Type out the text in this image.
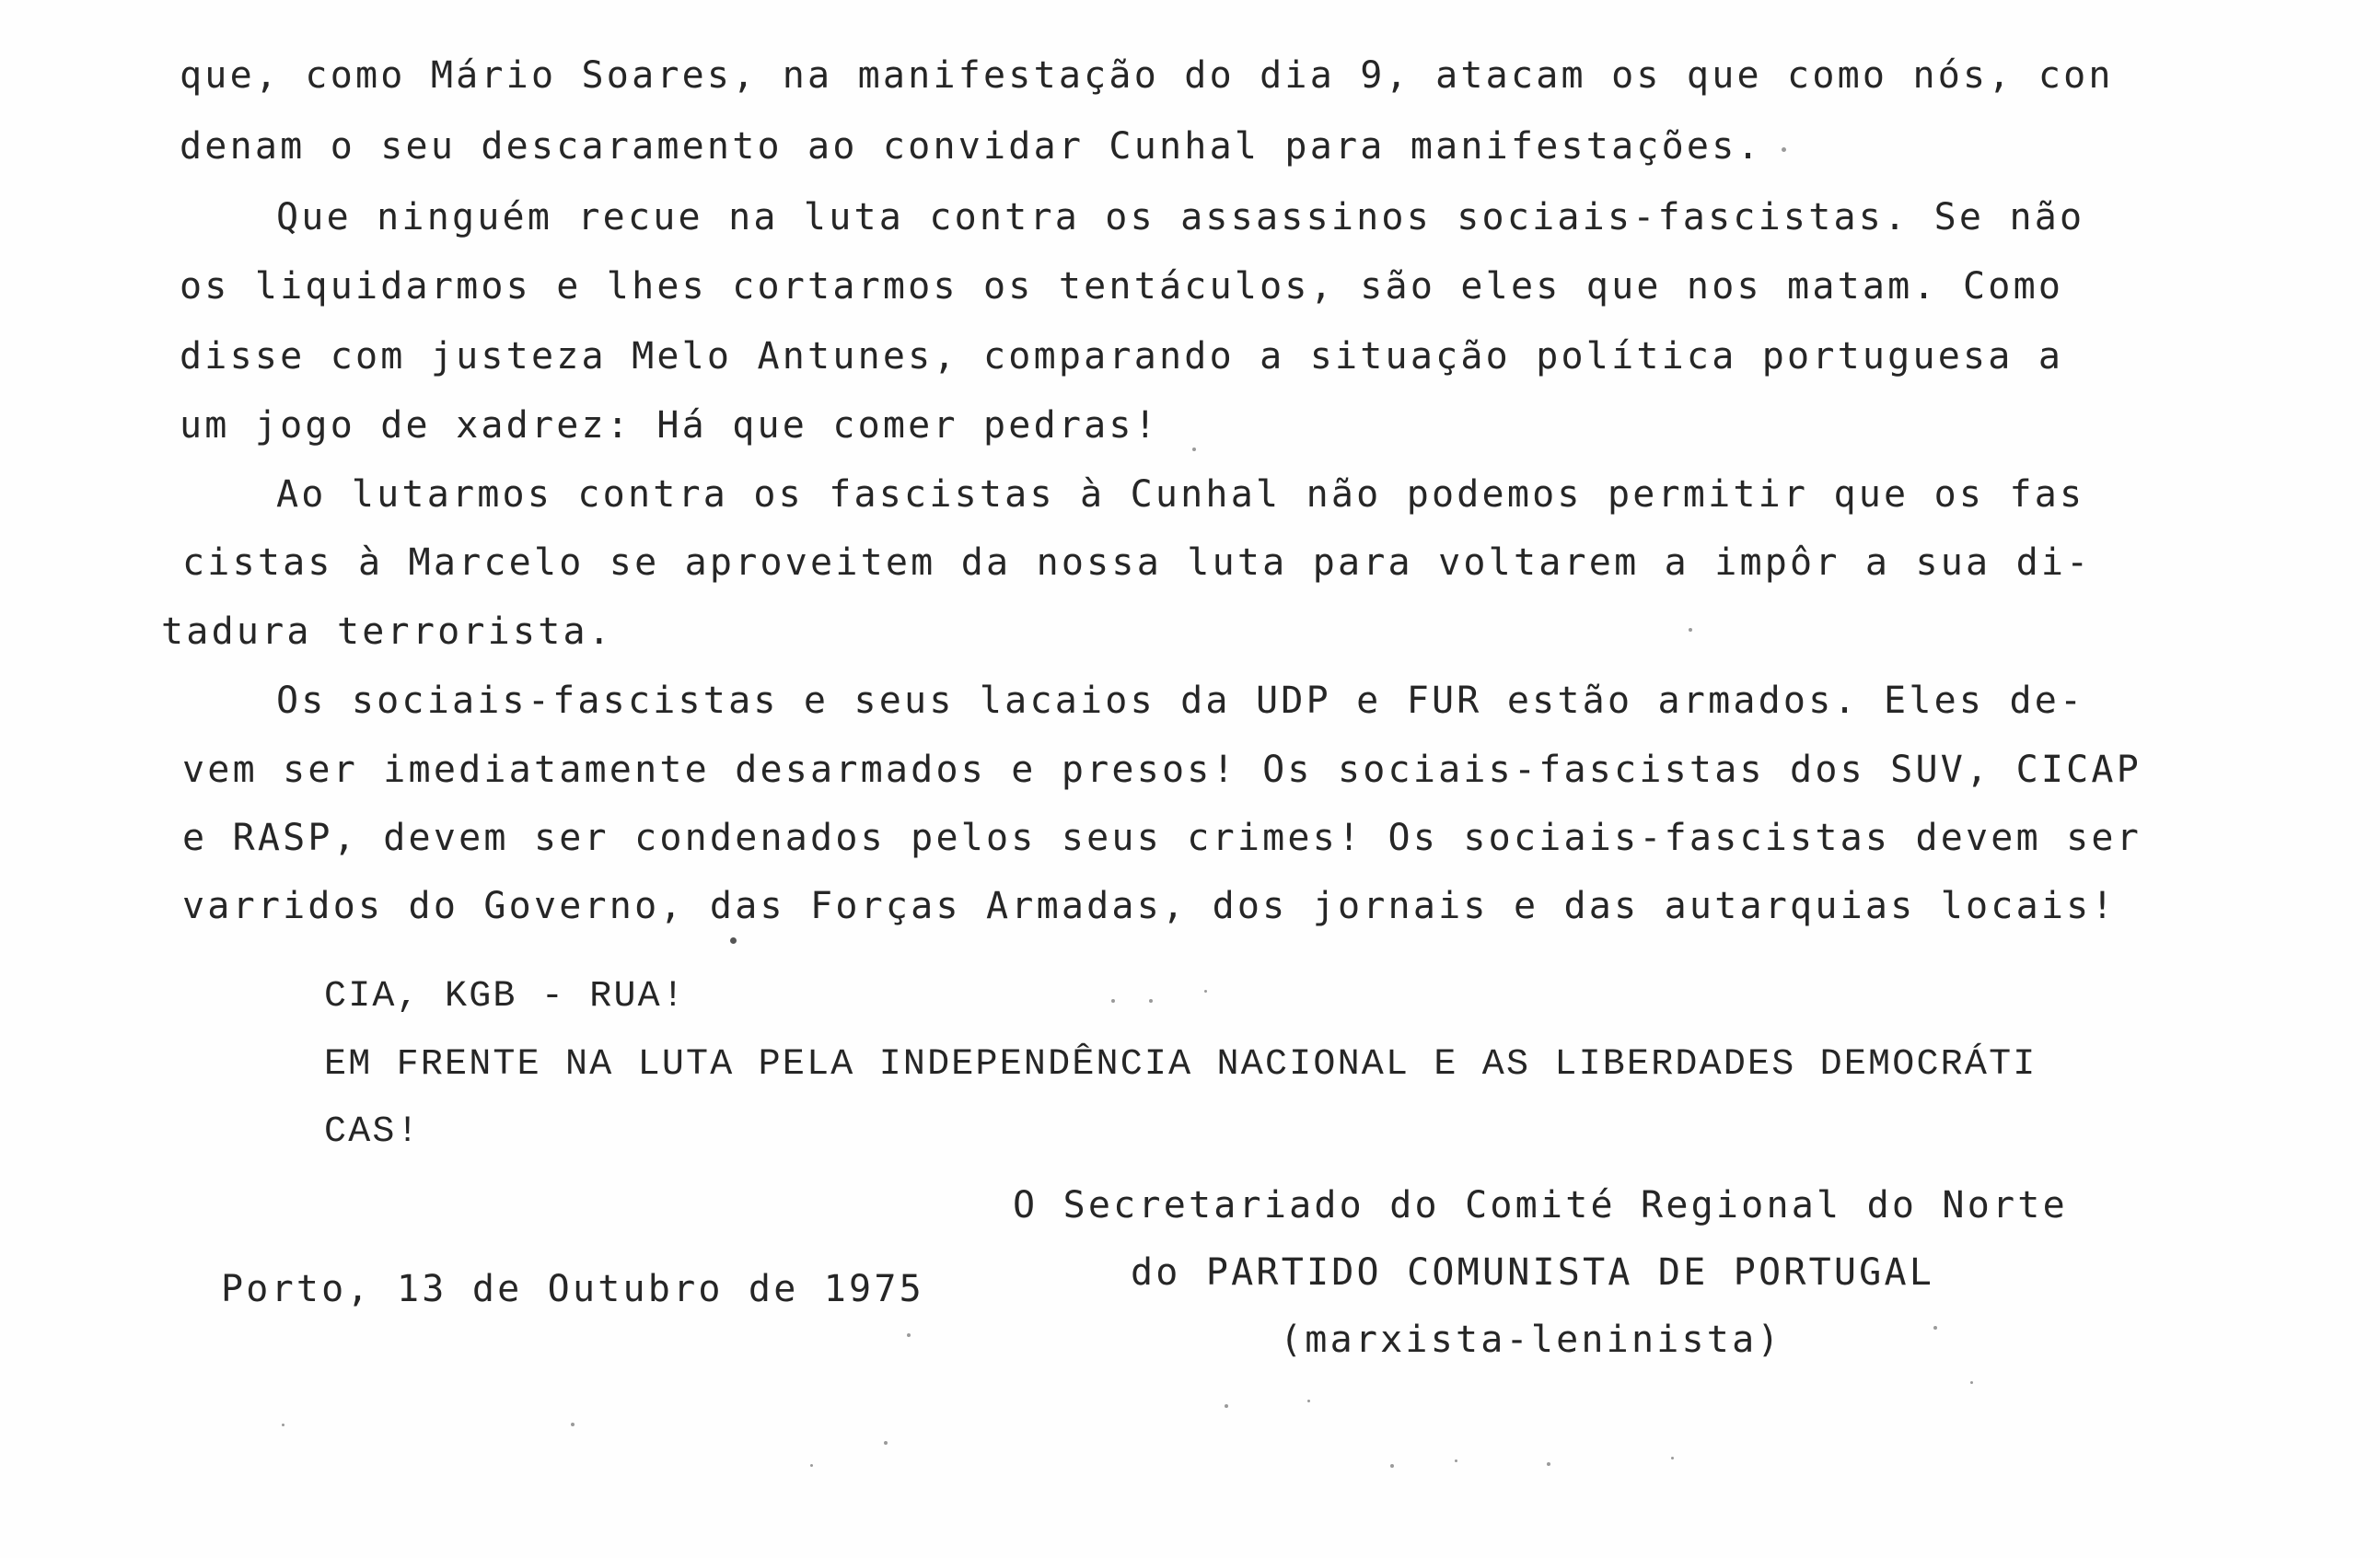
que, como Mário Soares, na manifestação do dia 9, atacam os que como nós, con
denam o seu descaramento ao convidar Cunhal para manifestações.
Que ninguém recue na luta contra os assassinos sociais-fascistas. Se não
os liquidarmos e lhes cortarmos os tentáculos, são eles que nos matam. Como
disse com justeza Melo Antunes, comparando a situação política portuguesa a
um jogo de xadrez: Há que comer pedras!
Ao lutarmos contra os fascistas à Cunhal não podemos permitir que os fas
cistas à Marcelo se aproveitem da nossa luta para voltarem a impôr a sua di-
tadura terrorista.
Os sociais-fascistas e seus lacaios da UDP e FUR estão armados. Eles de-
vem ser imediatamente desarmados e presos! Os sociais-fascistas dos SUV, CICAP
e RASP, devem ser condenados pelos seus crimes! Os sociais-fascistas devem ser
varridos do Governo, das Forças Armadas, dos jornais e das autarquias locais!
CIA, KGB - RUA!
EM FRENTE NA LUTA PELA INDEPENDÊNCIA NACIONAL E AS LIBERDADES DEMOCRÁTI
CAS!
O Secretariado do Comité Regional do Norte
do PARTIDO COMUNISTA DE PORTUGAL
(marxista-leninista)
Porto, 13 de Outubro de 1975
